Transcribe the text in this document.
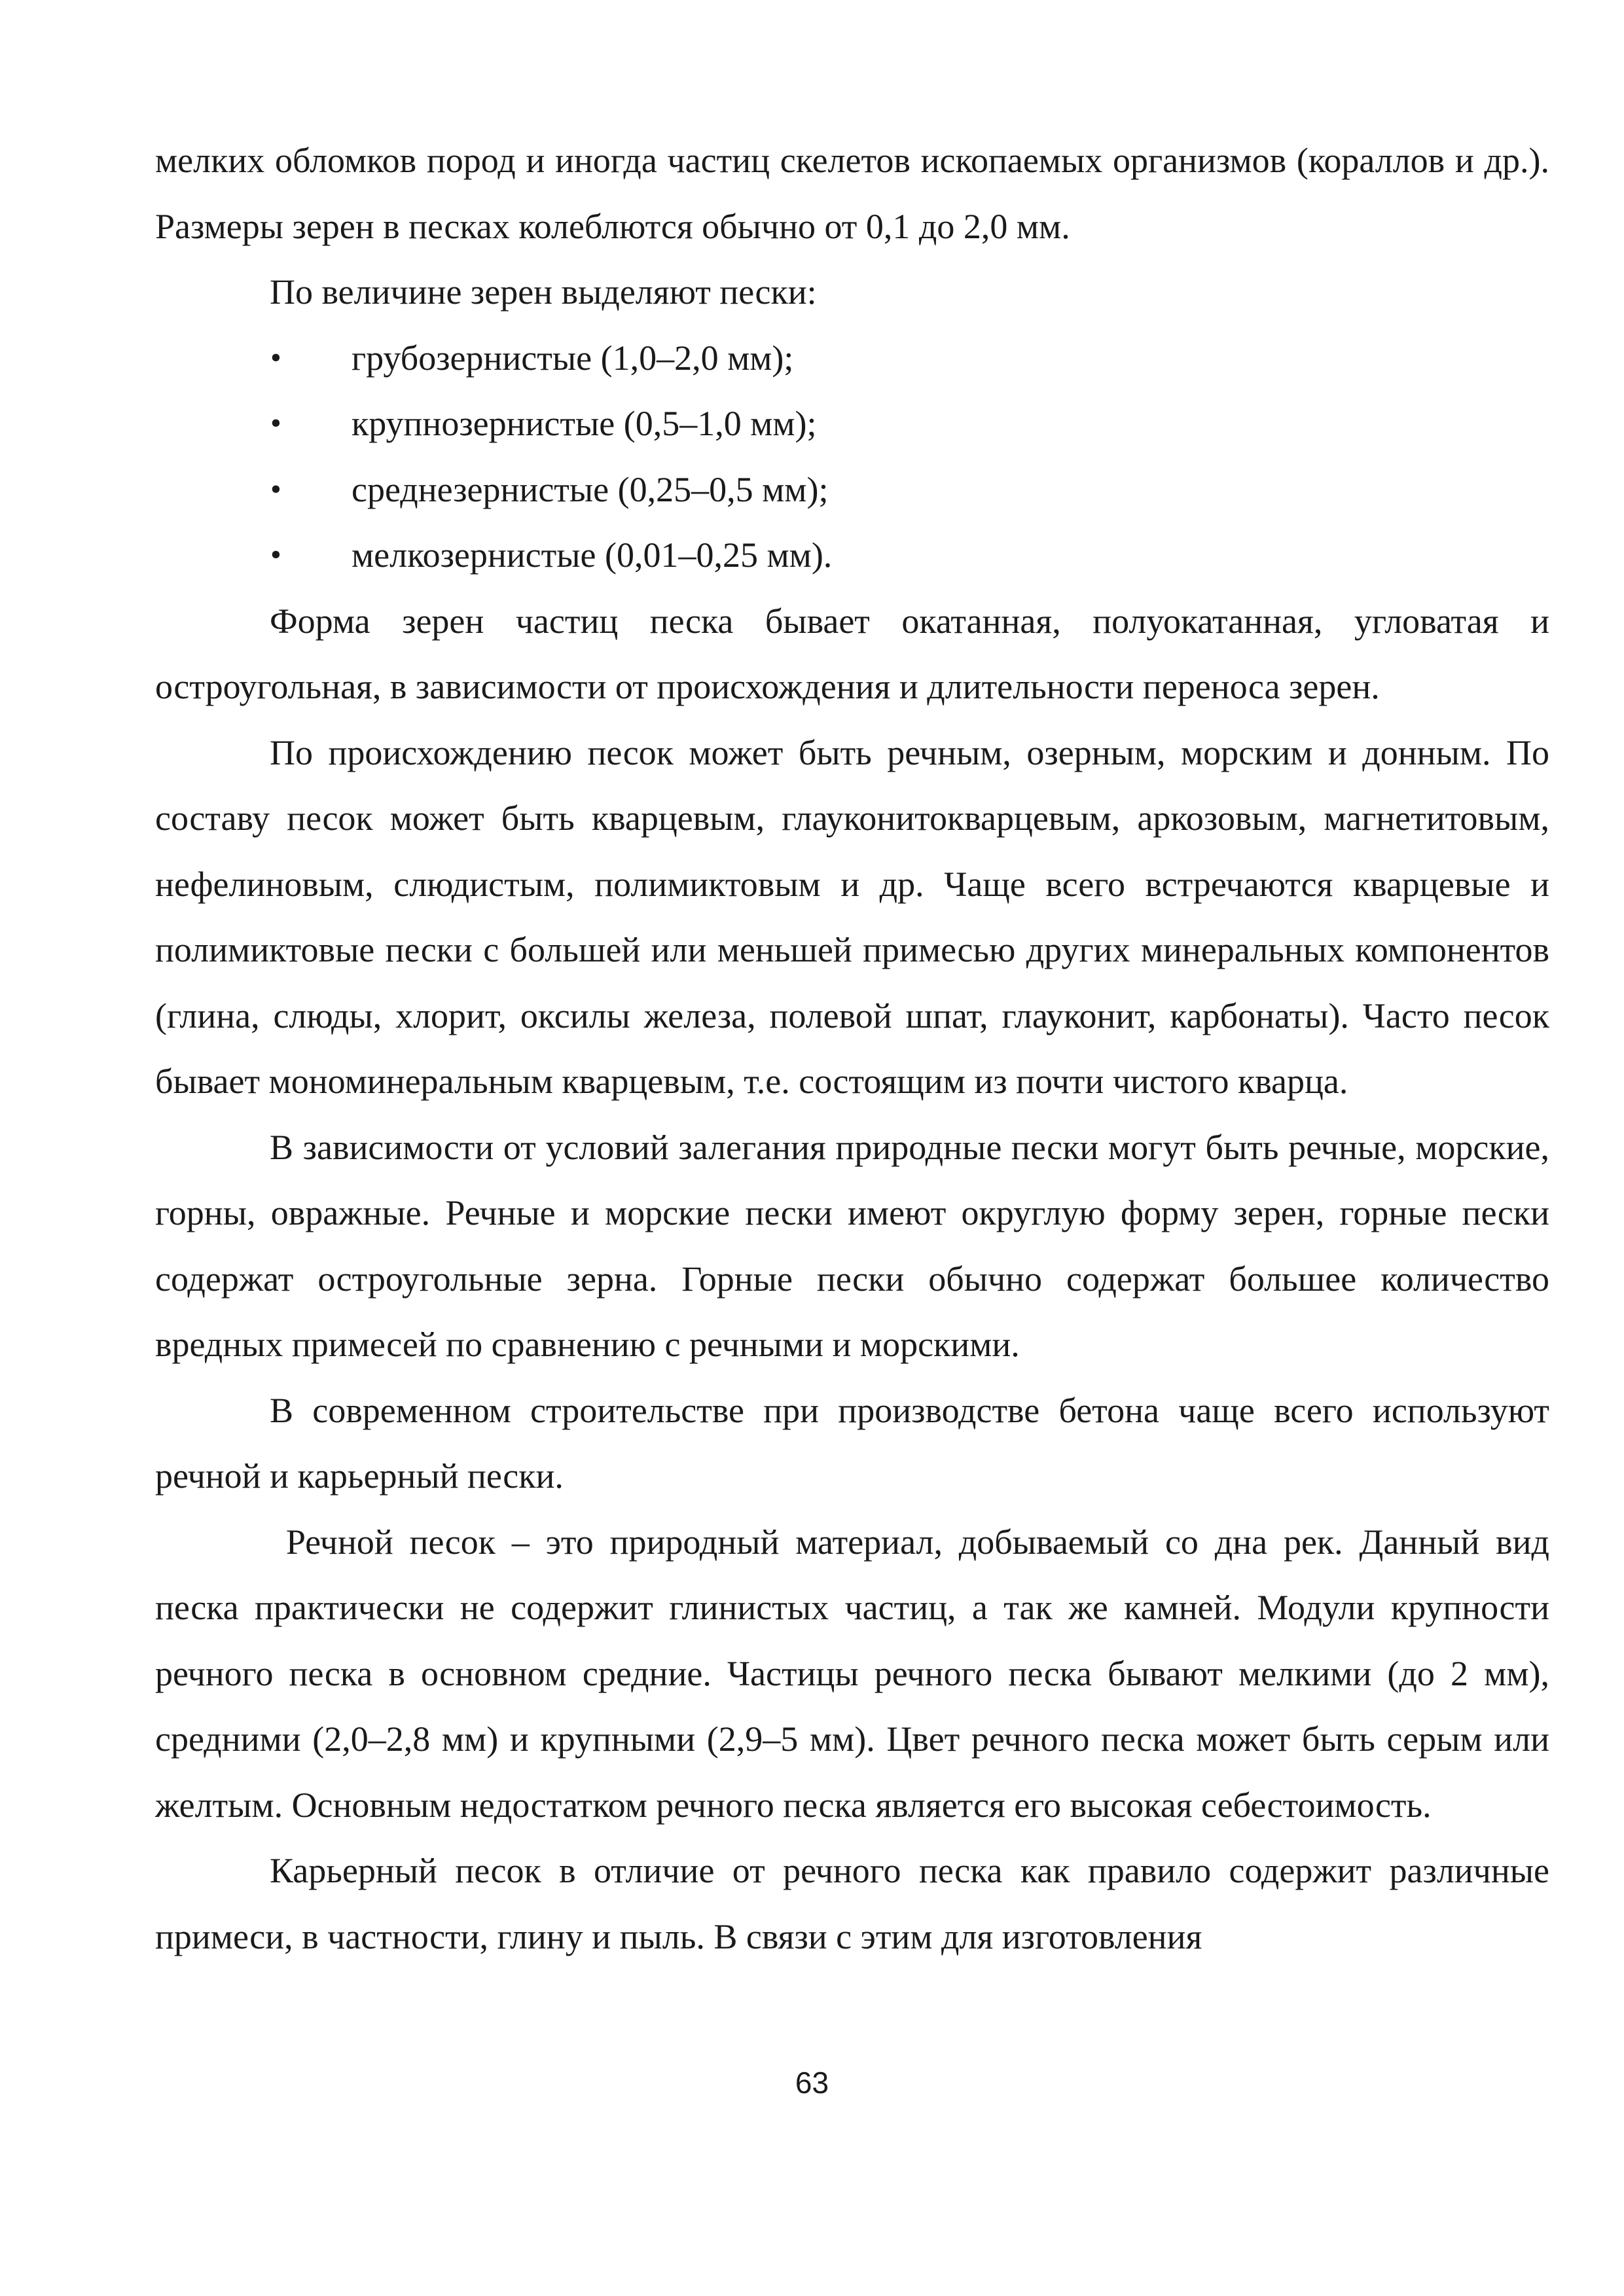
мелких обломков пород и иногда частиц скелетов ископаемых организмов (кораллов и др.). Размеры зерен в песках колеблются обычно от 0,1 до 2,0 мм.

По величине зерен выделяют пески:

• грубозернистые (1,0–2,0 мм);
• крупнозернистые (0,5–1,0 мм);
• среднезернистые (0,25–0,5 мм);
• мелкозернистые (0,01–0,25 мм).

Форма зерен частиц песка бывает окатанная, полуокатанная, угловатая и остроугольная, в зависимости от происхождения и длительности переноса зерен.

По происхождению песок может быть речным, озерным, морским и донным. По составу песок может быть кварцевым, глауконитокварцевым, аркозовым, магнетитовым, нефелиновым, слюдистым, полимиктовым и др. Чаще всего встречаются кварцевые и полимиктовые пески с большей или меньшей примесью других минеральных компонентов (глина, слюды, хлорит, оксилы железа, полевой шпат, глауконит, карбонаты). Часто песок бывает мономинеральным кварцевым, т.е. состоящим из почти чистого кварца.

В зависимости от условий залегания природные пески могут быть речные, морские, горны, овражные. Речные и морские пески имеют округлую форму зерен, горные пески содержат остроугольные зерна. Горные пески обычно содержат большее количество вредных примесей по сравнению с речными и морскими.

В современном строительстве при производстве бетона чаще всего используют речной и карьерный пески.

Речной песок – это природный материал, добываемый со дна рек. Данный вид песка практически не содержит глинистых частиц, а так же камней. Модули крупности речного песка в основном средние. Частицы речного песка бывают мелкими (до 2 мм), средними (2,0–2,8 мм) и крупными (2,9–5 мм). Цвет речного песка может быть серым или желтым. Основным недостатком речного песка является его высокая себестоимость.

Карьерный песок в отличие от речного песка как правило содержит различные примеси, в частности, глину и пыль. В связи с этим для изготовления

63
